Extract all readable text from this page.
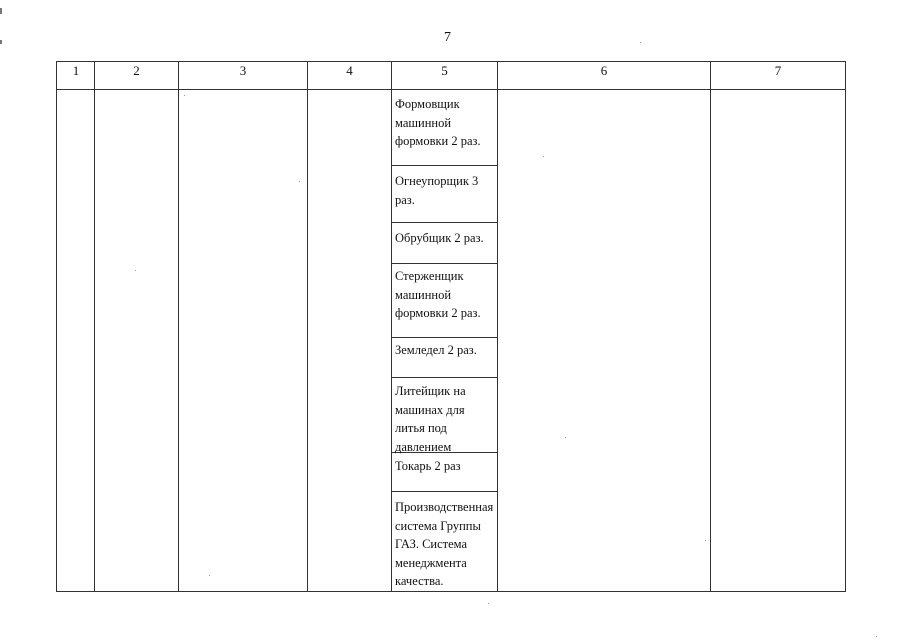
7
1	2	3	4	5	6	7
Формовщик машинной формовки 2 раз.
Огнеупорщик 3 раз.
Обрубщик 2 раз.
Стерженщик машинной формовки 2 раз.
Земледел 2 раз.
Литейщик на машинах для литья под давлением
Токарь 2 раз
Производственная система Группы ГАЗ. Система менеджмента качества.
